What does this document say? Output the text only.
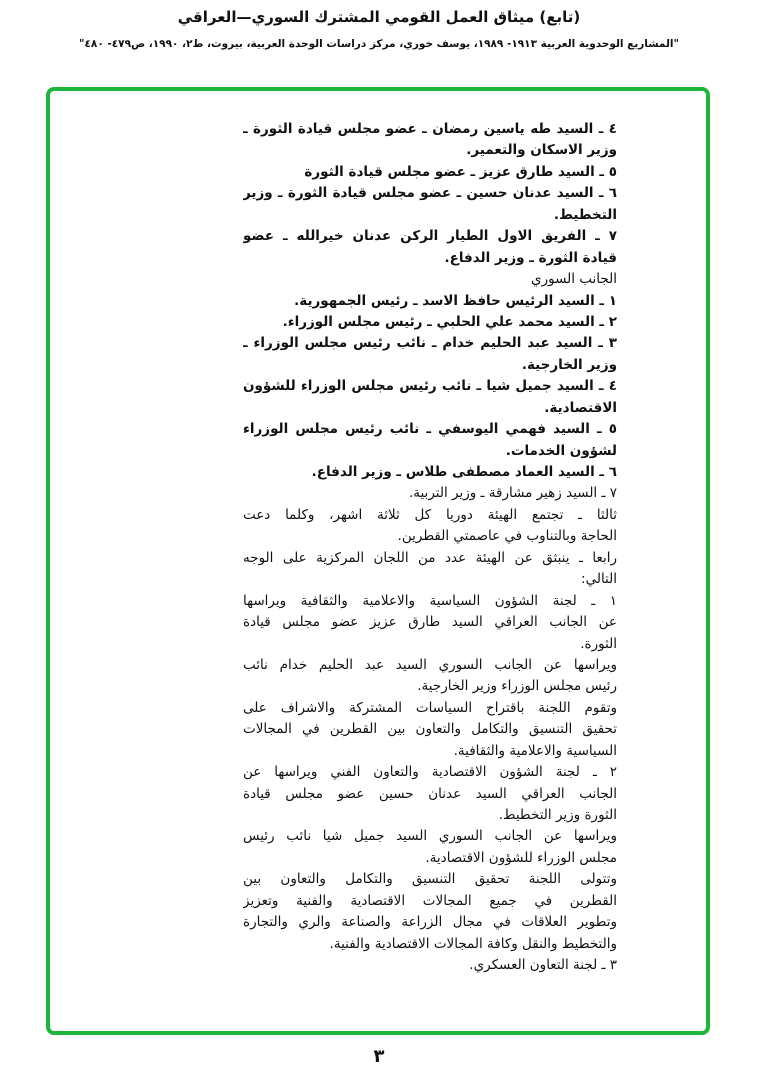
(تابع) ميثاق العمل القومي المشترك السوري—العراقي
"المشاريع الوحدوية العربية ١٩١٣- ١٩٨٩، يوسف خوري، مركز دراسات الوحدة العربية، بيروت، ط٢، ١٩٩٠، ص٤٧٩- ٤٨٠"
٤ ـ السيد طه ياسين رمضان ـ عضو مجلس قيادة الثورة ـ
وزير الاسكان والتعمير.
٥ ـ السيد طارق عزيز ـ عضو مجلس قيادة الثورة
٦ ـ السيد عدنان حسين ـ عضو مجلس قيادة الثورة ـ وزير
التخطيط.
٧ ـ الفريق الاول الطيار الركن عدنان خيرالله ـ عضو
قيادة الثورة ـ وزير الدفاع.
الجانب السوري
١ ـ السيد الرئيس حافظ الاسد ـ رئيس الجمهورية.
٢ ـ السيد محمد علي الحلبي ـ رئيس مجلس الوزراء.
٣ ـ السيد عبد الحليم خدام ـ نائب رئيس مجلس الوزراء ـ
وزير الخارجية.
٤ ـ السيد جميل شيا ـ نائب رئيس مجلس الوزراء للشؤون
الاقتصادية.
٥ ـ السيد فهمي اليوسفي ـ نائب رئيس مجلس الوزراء
لشؤون الخدمات.
٦ ـ السيد العماد مصطفى طلاس ـ وزير الدفاع.
٧ ـ السيد زهير مشارقة ـ وزير التربية.
ثالثا ـ تجتمع الهيئة دوريا كل ثلاثة اشهر، وكلما دعت
الحاجة وبالتناوب في عاصمتي القطرين.
رابعا ـ ينبثق عن الهيئة عدد من اللجان المركزية على الوجه
التالي:
١ ـ لجنة الشؤون السياسية والاعلامية والثقافية ويراسها
عن الجانب العراقي السيد طارق عزيز عضو مجلس قيادة
الثورة.
ويراسها عن الجانب السوري السيد عبد الحليم خدام نائب
رئيس مجلس الوزراء وزير الخارجية.
وتقوم اللجنة باقتراح السياسات المشتركة والاشراف على
تحقيق التنسيق والتكامل والتعاون بين القطرين في المجالات
السياسية والاعلامية والثقافية.
٢ ـ لجنة الشؤون الاقتصادية والتعاون الفني ويراسها عن
الجانب العراقي السيد عدنان حسين عضو مجلس قيادة
الثورة وزير التخطيط.
ويراسها عن الجانب السوري السيد جميل شيا نائب رئيس
مجلس الوزراء للشؤون الاقتصادية.
وتتولى اللجنة تحقيق التنسيق والتكامل والتعاون بين
القطرين في جميع المجالات الاقتصادية والفنية وتعزيز
وتطوير العلاقات في مجال الزراعة والصناعة والري والتجارة
والتخطيط والنقل وكافة المجالات الاقتصادية والفنية.
٣ ـ لجنة التعاون العسكري.
٣
